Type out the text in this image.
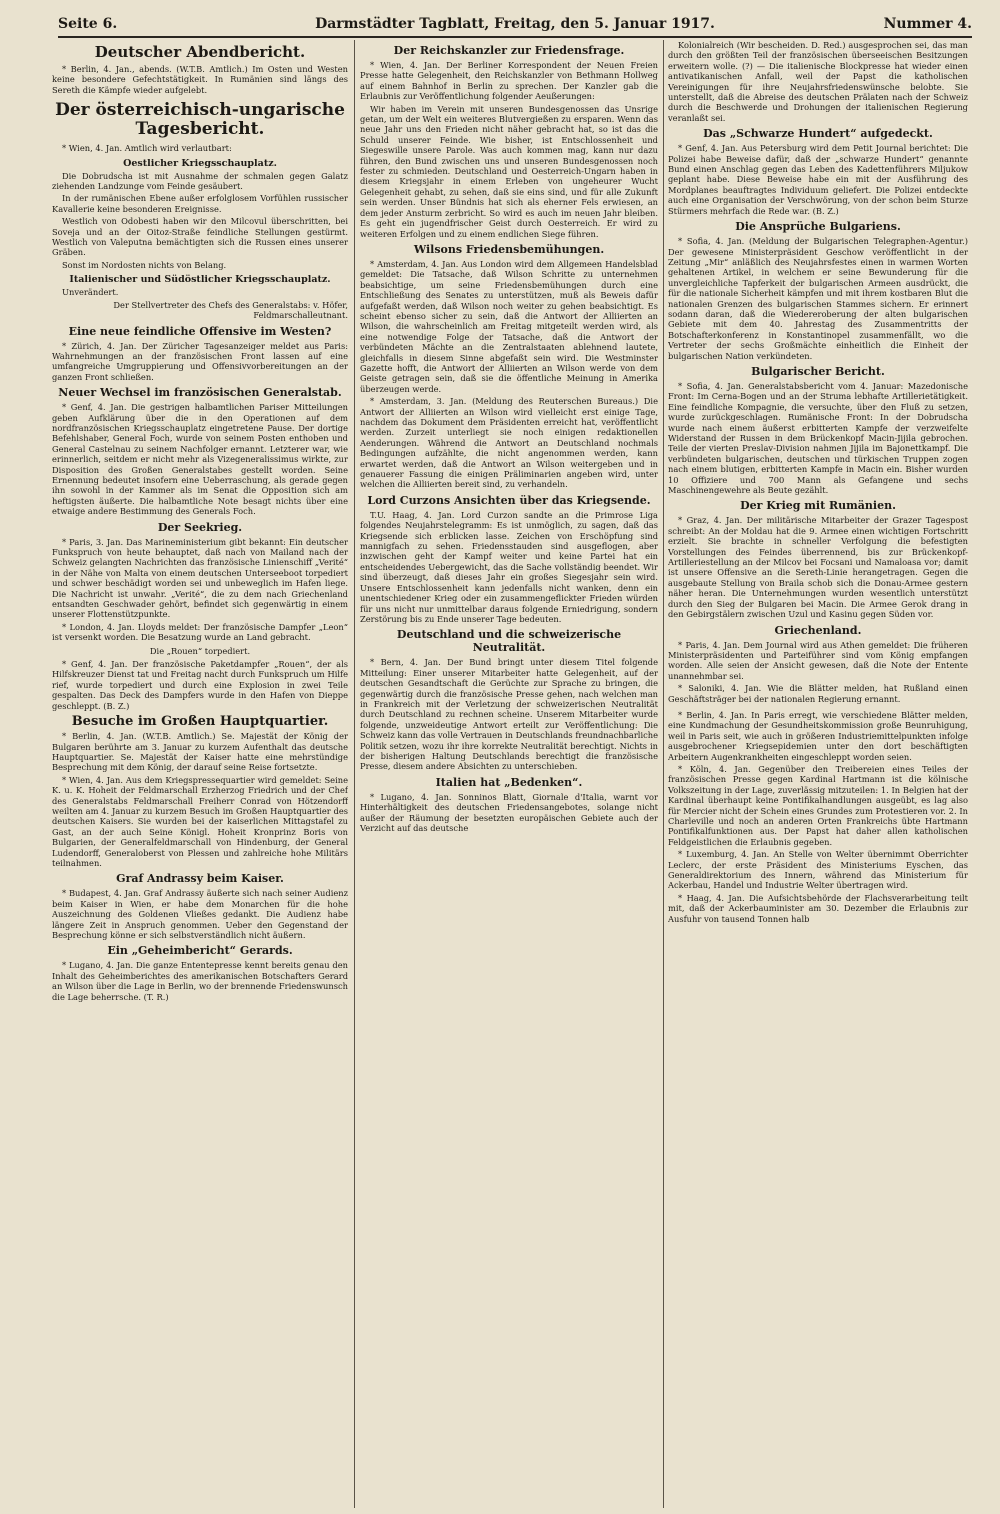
Seite 6.	Darmstädter Tagblatt, Freitag, den 5. Januar 1917.	Nummer 4.
Deutscher Abendbericht.

* Berlin, 4. Jan., abends. (W.T.B. Amtlich.) Im Osten und Westen keine besondere Gefechtstätigkeit. In Rumänien sind längs des Sereth die Kämpfe wieder aufgelebt.

Der österreichisch-ungarische Tagesbericht.

* Wien, 4. Jan. Amtlich wird verlautbart:

Oestlicher Kriegsschauplatz.

Die Dobrudscha ist mit Ausnahme der schmalen gegen Galatz ziehenden Landzunge vom Feinde gesäubert.

In der rumänischen Ebene außer erfolglosem Vorfühlen russischer Kavallerie keine besonderen Ereignisse.

Westlich von Odobesti haben wir den Milcovul überschritten, bei Soveja und an der Oitoz-Straße feindliche Stellungen gestürmt. Westlich von Valeputna bemächtigten sich die Russen eines unserer Gräben.

Sonst im Nordosten nichts von Belang.

Italienischer und Südöstlicher Kriegsschauplatz.

Unverändert.

Der Stellvertreter des Chefs des Generalstabs: v. Höfer, Feldmarschalleutnant.

Eine neue feindliche Offensive im Westen?

* Zürich, 4. Jan. Der Züricher Tagesanzeiger meldet aus Paris: Wahrnehmungen an der französischen Front lassen auf eine umfangreiche Umgruppierung und Offensivvorbereitungen an der ganzen Front schließen.

Neuer Wechsel im französischen Generalstab.

* Genf, 4. Jan. Die gestrigen halbamtlichen Pariser Mitteilungen geben Aufklärung über die in den Operationen auf dem nordfranzösischen Kriegsschauplatz eingetretene Pause. Der dortige Befehlshaber, General Foch, wurde von seinem Posten enthoben und General Castelnau zu seinem Nachfolger ernannt. Letzterer war, wie erinnerlich, seitdem er nicht mehr als Vizegeneralissimus wirkte, zur Disposition des Großen Generalstabes gestellt worden. Seine Ernennung bedeutet insofern eine Ueberraschung, als gerade gegen ihn sowohl in der Kammer als im Senat die Opposition sich am heftigsten äußerte. Die halbamtliche Note besagt nichts über eine etwaige andere Bestimmung des Generals Foch.

Der Seekrieg.

* Paris, 3. Jan. Das Marineministerium gibt bekannt: Ein deutscher Funkspruch von heute behauptet, daß nach von Mailand nach der Schweiz gelangten Nachrichten das französische Linienschiff „Verité“ in der Nähe von Malta von einem deutschen Unterseeboot torpediert und schwer beschädigt worden sei und unbeweglich im Hafen liege. Die Nachricht ist unwahr. „Verité“, die zu dem nach Griechenland entsandten Geschwader gehört, befindet sich gegenwärtig in einem unserer Flottenstützpunkte.

* London, 4. Jan. Lloyds meldet: Der französische Dampfer „Leon“ ist versenkt worden. Die Besatzung wurde an Land gebracht.

Die „Rouen“ torpediert.

* Genf, 4. Jan. Der französische Paketdampfer „Rouen“, der als Hilfskreuzer Dienst tat und Freitag nacht durch Funkspruch um Hilfe rief, wurde torpediert und durch eine Explosion in zwei Teile gespalten. Das Deck des Dampfers wurde in den Hafen von Dieppe geschleppt. (B. Z.)

Besuche im Großen Hauptquartier.

* Berlin, 4. Jan. (W.T.B. Amtlich.) Se. Majestät der König der Bulgaren berührte am 3. Januar zu kurzem Aufenthalt das deutsche Hauptquartier. Se. Majestät der Kaiser hatte eine mehrstündige Besprechung mit dem König, der darauf seine Reise fortsetzte.

* Wien, 4. Jan. Aus dem Kriegspressequartier wird gemeldet: Seine K. u. K. Hoheit der Feldmarschall Erzherzog Friedrich und der Chef des Generalstabs Feldmarschall Freiherr Conrad von Hötzendorff weilten am 4. Januar zu kurzem Besuch im Großen Hauptquartier des deutschen Kaisers. Sie wurden bei der kaiserlichen Mittagstafel zu Gast, an der auch Seine Königl. Hoheit Kronprinz Boris von Bulgarien, der Generalfeldmarschall von Hindenburg, der General Ludendorff, Generaloberst von Plessen und zahlreiche hohe Militärs teilnahmen.

Graf Andrassy beim Kaiser.

* Budapest, 4. Jan. Graf Andrassy äußerte sich nach seiner Audienz beim Kaiser in Wien, er habe dem Monarchen für die hohe Auszeichnung des Goldenen Vließes gedankt. Die Audienz habe längere Zeit in Anspruch genommen. Ueber den Gegenstand der Besprechung könne er sich selbstverständlich nicht äußern.

Ein „Geheimbericht“ Gerards.

* Lugano, 4. Jan. Die ganze Ententepresse kennt bereits genau den Inhalt des Geheimberichtes des amerikanischen Botschafters Gerard an Wilson über die Lage in Berlin, wo der brennende Friedenswunsch die Lage beherrsche. (T. R.)

Der Reichskanzler zur Friedensfrage.

* Wien, 4. Jan. Der Berliner Korrespondent der Neuen Freien Presse hatte Gelegenheit, den Reichskanzler von Bethmann Hollweg auf einem Bahnhof in Berlin zu sprechen. Der Kanzler gab die Erlaubnis zur Veröffentlichung folgender Aeußerungen:

Wir haben im Verein mit unseren Bundesgenossen das Unsrige getan, um der Welt ein weiteres Blutvergießen zu ersparen. Wenn das neue Jahr uns den Frieden nicht näher gebracht hat, so ist das die Schuld unserer Feinde. Wie bisher, ist Entschlossenheit und Siegeswille unsere Parole. Was auch kommen mag, kann nur dazu führen, den Bund zwischen uns und unseren Bundesgenossen noch fester zu schmieden. Deutschland und Oesterreich-Ungarn haben in diesem Kriegsjahr in einem Erleben von ungeheurer Wucht Gelegenheit gehabt, zu sehen, daß sie eins sind, und für alle Zukunft sein werden. Unser Bündnis hat sich als eherner Fels erwiesen, an dem jeder Ansturm zerbricht. So wird es auch im neuen Jahr bleiben. Es geht ein jugendfrischer Geist durch Oesterreich. Er wird zu weiteren Erfolgen und zu einem endlichen Siege führen.

Wilsons Friedensbemühungen.

* Amsterdam, 4. Jan. Aus London wird dem Allgemeen Handelsblad gemeldet: Die Tatsache, daß Wilson Schritte zu unternehmen beabsichtige, um seine Friedensbemühungen durch eine Entschließung des Senates zu unterstützen, muß als Beweis dafür aufgefaßt werden, daß Wilson noch weiter zu gehen beabsichtigt. Es scheint ebenso sicher zu sein, daß die Antwort der Alliierten an Wilson, die wahrscheinlich am Freitag mitgeteilt werden wird, als eine notwendige Folge der Tatsache, daß die Antwort der verbündeten Mächte an die Zentralstaaten ablehnend lautete, gleichfalls in diesem Sinne abgefaßt sein wird. Die Westminster Gazette hofft, die Antwort der Alliierten an Wilson werde von dem Geiste getragen sein, daß sie die öffentliche Meinung in Amerika überzeugen werde.

* Amsterdam, 3. Jan. (Meldung des Reuterschen Bureaus.) Die Antwort der Alliierten an Wilson wird vielleicht erst einige Tage, nachdem das Dokument dem Präsidenten erreicht hat, veröffentlicht werden. Zurzeit unterliegt sie noch einigen redaktionellen Aenderungen. Während die Antwort an Deutschland nochmals Bedingungen aufzählte, die nicht angenommen werden, kann erwartet werden, daß die Antwort an Wilson weitergeben und in genauerer Fassung die einigen Präliminarien angeben wird, unter welchen die Alliierten bereit sind, zu verhandeln.

Lord Curzons Ansichten über das Kriegsende.

T.U. Haag, 4. Jan. Lord Curzon sandte an die Primrose Liga folgendes Neujahrstelegramm: Es ist unmöglich, zu sagen, daß das Kriegsende sich erblicken lasse. Zeichen von Erschöpfung sind mannigfach zu sehen. Friedensstauden sind ausgeflogen, aber inzwischen geht der Kampf weiter und keine Partei hat ein entscheidendes Uebergewicht, das die Sache vollständig beendet. Wir sind überzeugt, daß dieses Jahr ein großes Siegesjahr sein wird. Unsere Entschlossenheit kann jedenfalls nicht wanken, denn ein unentschiedener Krieg oder ein zusammengeflickter Frieden würden für uns nicht nur unmittelbar daraus folgende Erniedrigung, sondern Zerstörung bis zu Ende unserer Tage bedeuten.

Deutschland und die schweizerische Neutralität.

* Bern, 4. Jan. Der Bund bringt unter diesem Titel folgende Mitteilung: Einer unserer Mitarbeiter hatte Gelegenheit, auf der deutschen Gesandtschaft die Gerüchte zur Sprache zu bringen, die gegenwärtig durch die französische Presse gehen, nach welchen man in Frankreich mit der Verletzung der schweizerischen Neutralität durch Deutschland zu rechnen scheine. Unserem Mitarbeiter wurde folgende, unzweideutige Antwort erteilt zur Veröffentlichung: Die Schweiz kann das volle Vertrauen in Deutschlands freundnachbarliche Politik setzen, wozu ihr ihre korrekte Neutralität berechtigt. Nichts in der bisherigen Haltung Deutschlands berechtigt die französische Presse, diesem andere Absichten zu unterschieben.

Italien hat „Bedenken“.

* Lugano, 4. Jan. Sonninos Blatt, Giornale d'Italia, warnt vor Hinterhältigkeit des deutschen Friedensangebotes, solange nicht außer der Räumung der besetzten europäischen Gebiete auch der Verzicht auf das deutsche

Kolonialreich (Wir bescheiden. D. Red.) ausgesprochen sei, das man durch den größten Teil der französischen überseeischen Besitzungen erweitern wolle. (?) — Die italienische Blockpresse hat wieder einen antivatikanischen Anfall, weil der Papst die katholischen Vereinigungen für ihre Neujahrsfriedenswünsche belobte. Sie unterstellt, daß die Abreise des deutschen Prälaten nach der Schweiz durch die Beschwerde und Drohungen der italienischen Regierung veranlaßt sei.

Das „Schwarze Hundert“ aufgedeckt.

* Genf, 4. Jan. Aus Petersburg wird dem Petit Journal berichtet: Die Polizei habe Beweise dafür, daß der „schwarze Hundert“ genannte Bund einen Anschlag gegen das Leben des Kadettenführers Miljukow geplant habe. Diese Beweise habe ein mit der Ausführung des Mordplanes beauftragtes Individuum geliefert. Die Polizei entdeckte auch eine Organisation der Verschwörung, von der schon beim Sturze Stürmers mehrfach die Rede war. (B. Z.)

Die Ansprüche Bulgariens.

* Sofia, 4. Jan. (Meldung der Bulgarischen Telegraphen-Agentur.) Der gewesene Ministerpräsident Geschow veröffentlicht in der Zeitung „Mir“ anläßlich des Neujahrsfestes einen in warmen Worten gehaltenen Artikel, in welchem er seine Bewunderung für die unvergleichliche Tapferkeit der bulgarischen Armeen ausdrückt, die für die nationale Sicherheit kämpfen und mit ihrem kostbaren Blut die nationalen Grenzen des bulgarischen Stammes sichern. Er erinnert sodann daran, daß die Wiedereroberung der alten bulgarischen Gebiete mit dem 40. Jahrestag des Zusammentritts der Botschafterkonferenz in Konstantinopel zusammenfällt, wo die Vertreter der sechs Großmächte einheitlich die Einheit der bulgarischen Nation verkündeten.

Bulgarischer Bericht.

* Sofia, 4. Jan. Generalstabsbericht vom 4. Januar: Mazedonische Front: Im Cerna-Bogen und an der Struma lebhafte Artillerietätigkeit. Eine feindliche Kompagnie, die versuchte, über den Fluß zu setzen, wurde zurückgeschlagen. Rumänische Front: In der Dobrudscha wurde nach einem äußerst erbitterten Kampfe der verzweifelte Widerstand der Russen in dem Brückenkopf Macin-Jijila gebrochen. Teile der vierten Preslav-Division nahmen Jijila im Bajonettkampf. Die verbündeten bulgarischen, deutschen und türkischen Truppen zogen nach einem blutigen, erbitterten Kampfe in Macin ein. Bisher wurden 10 Offiziere und 700 Mann als Gefangene und sechs Maschinengewehre als Beute gezählt.

Der Krieg mit Rumänien.

* Graz, 4. Jan. Der militärische Mitarbeiter der Grazer Tagespost schreibt: An der Moldau hat die 9. Armee einen wichtigen Fortschritt erzielt. Sie brachte in schneller Verfolgung die befestigten Vorstellungen des Feindes überrennend, bis zur Brückenkopf-Artilleriestellung an der Milcov bei Focsani und Namaloasa vor; damit ist unsere Offensive an die Sereth-Linie herangetragen. Gegen die ausgebaute Stellung von Braila schob sich die Donau-Armee gestern näher heran. Die Unternehmungen wurden wesentlich unterstützt durch den Sieg der Bulgaren bei Macin. Die Armee Gerok drang in den Gebirgstälern zwischen Uzul und Kasinu gegen Süden vor.

Griechenland.

* Paris, 4. Jan. Dem Journal wird aus Athen gemeldet: Die früheren Ministerpräsidenten und Parteiführer sind vom König empfangen worden. Alle seien der Ansicht gewesen, daß die Note der Entente unannehmbar sei.

* Saloniki, 4. Jan. Wie die Blätter melden, hat Rußland einen Geschäftsträger bei der nationalen Regierung ernannt.

* Berlin, 4. Jan. In Paris erregt, wie verschiedene Blätter melden, eine Kundmachung der Gesundheitskommission große Beunruhigung, weil in Paris seit, wie auch in größeren Industriemittelpunkten infolge ausgebrochener Kriegsepidemien unter den dort beschäftigten Arbeitern Augenkrankheiten eingeschleppt worden seien.

* Köln, 4. Jan. Gegenüber den Treibereien eines Teiles der französischen Presse gegen Kardinal Hartmann ist die kölnische Volkszeitung in der Lage, zuverlässig mitzuteilen: 1. In Belgien hat der Kardinal überhaupt keine Pontifikalhandlungen ausgeübt, es lag also für Mercier nicht der Schein eines Grundes zum Protestieren vor. 2. In Charleville und noch an anderen Orten Frankreichs übte Hartmann Pontifikalfunktionen aus. Der Papst hat daher allen katholischen Feldgeistlichen die Erlaubnis gegeben.

* Luxemburg, 4. Jan. An Stelle von Welter übernimmt Oberrichter Leclerc, der erste Präsident des Ministeriums Eyschen, das Generaldirektorium des Innern, während das Ministerium für Ackerbau, Handel und Industrie Welter übertragen wird.

* Haag, 4. Jan. Die Aufsichtsbehörde der Flachsverarbeitung teilt mit, daß der Ackerbauminister am 30. Dezember die Erlaubnis zur Ausfuhr von tausend Tonnen halb
